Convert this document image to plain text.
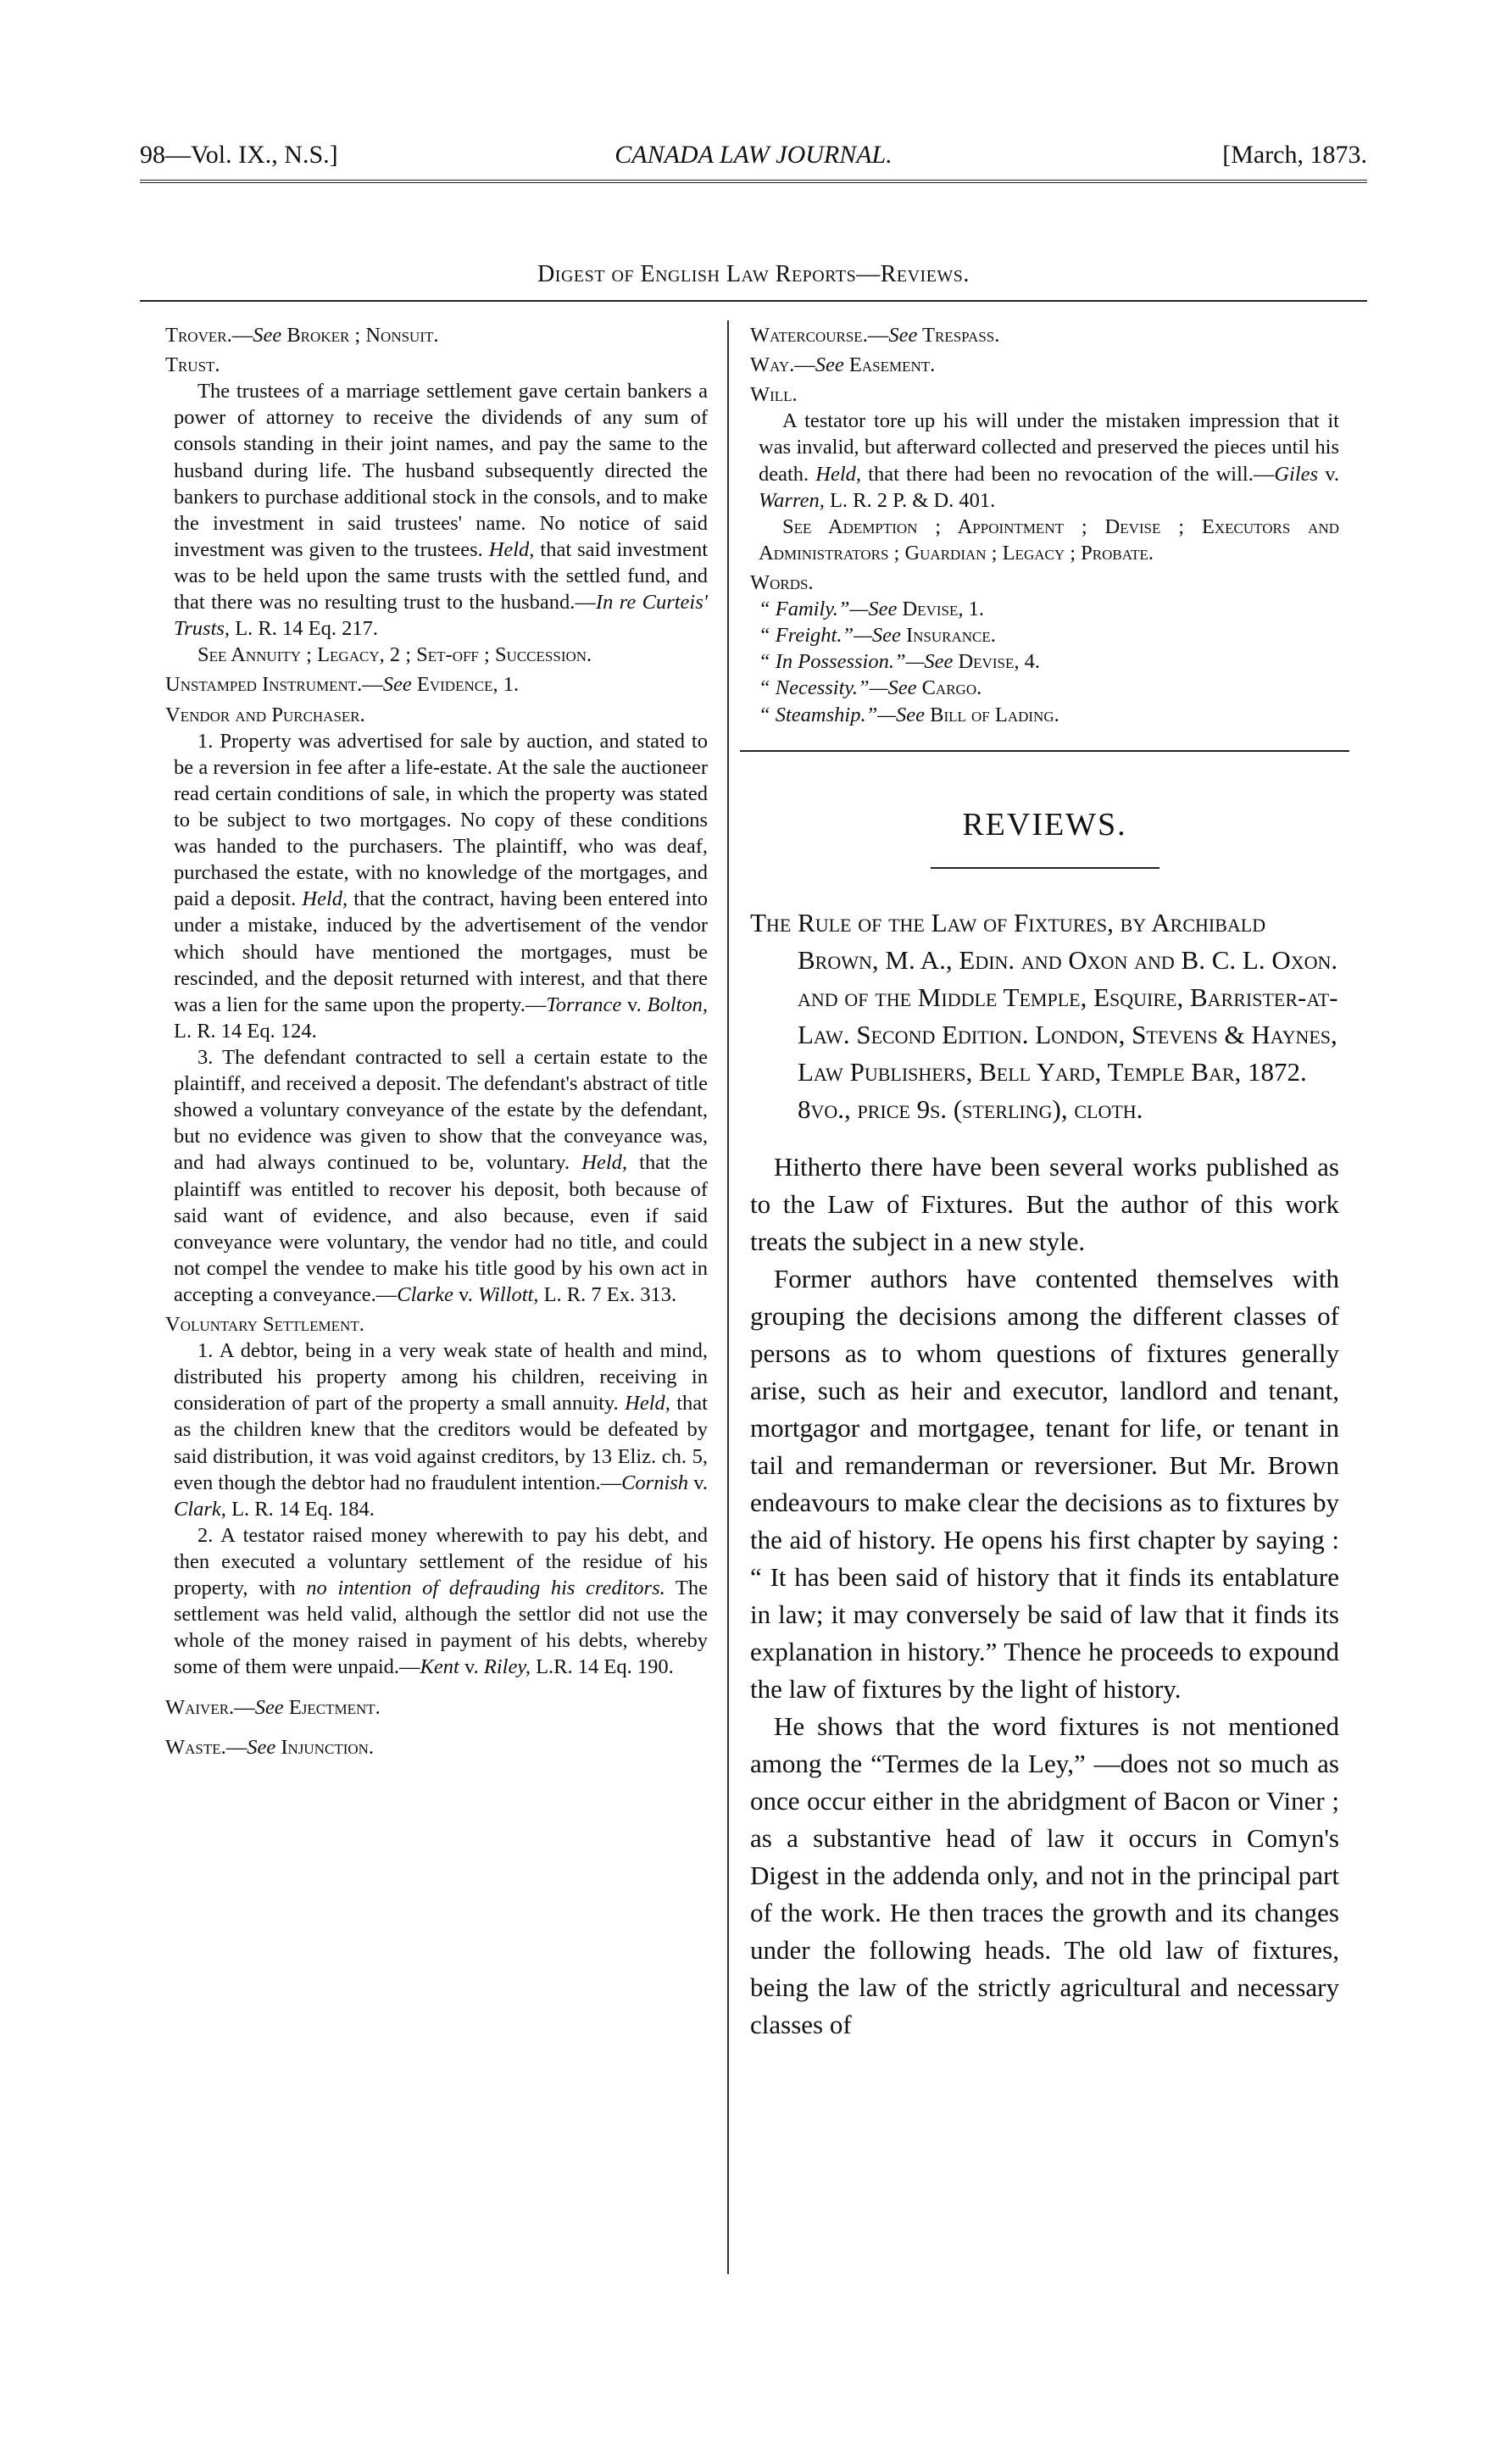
98—Vol. IX., N.S.]	CANADA LAW JOURNAL.	[March, 1873.
Digest of English Law Reports—Reviews.
Trover.—See Broker ; Nonsuit.
Trust.
The trustees of a marriage settlement gave certain bankers a power of attorney to receive the dividends of any sum of consols standing in their joint names, and pay the same to the husband during life. The husband subsequently directed the bankers to purchase additional stock in the consols, and to make the investment in said trustees' name. No notice of said investment was given to the trustees. Held, that said investment was to be held upon the same trusts with the settled fund, and that there was no resulting trust to the husband.—In re Curteis' Trusts, L. R. 14 Eq. 217.
See Annuity ; Legacy, 2 ; Set-off ; Succession.
Unstamped Instrument.—See Evidence, 1.
Vendor and Purchaser.
1. Property was advertised for sale by auction, and stated to be a reversion in fee after a life-estate. At the sale the auctioneer read certain conditions of sale, in which the property was stated to be subject to two mortgages. No copy of these conditions was handed to the purchasers. The plaintiff, who was deaf, purchased the estate, with no knowledge of the mortgages, and paid a deposit. Held, that the contract, having been entered into under a mistake, induced by the advertisement of the vendor which should have mentioned the mortgages, must be rescinded, and the deposit returned with interest, and that there was a lien for the same upon the property.—Torrance v. Bolton, L. R. 14 Eq. 124.
3. The defendant contracted to sell a certain estate to the plaintiff, and received a deposit. The defendant's abstract of title showed a voluntary conveyance of the estate by the defendant, but no evidence was given to show that the conveyance was, and had always continued to be, voluntary. Held, that the plaintiff was entitled to recover his deposit, both because of said want of evidence, and also because, even if said conveyance were voluntary, the vendor had no title, and could not compel the vendee to make his title good by his own act in accepting a conveyance.—Clarke v. Willott, L. R. 7 Ex. 313.
Voluntary Settlement.
1. A debtor, being in a very weak state of health and mind, distributed his property among his children, receiving in consideration of part of the property a small annuity. Held, that as the children knew that the creditors would be defeated by said distribution, it was void against creditors, by 13 Eliz. ch. 5, even though the debtor had no fraudulent intention.—Cornish v. Clark, L. R. 14 Eq. 184.
2. A testator raised money wherewith to pay his debt, and then executed a voluntary settlement of the residue of his property, with no intention of defrauding his creditors. The settlement was held valid, although the settlor did not use the whole of the money raised in payment of his debts, whereby some of them were unpaid.—Kent v. Riley, L.R. 14 Eq. 190.
Waiver.—See Ejectment.
Waste.—See Injunction.
Watercourse.—See Trespass.
Way.—See Easement.
Will.
A testator tore up his will under the mistaken impression that it was invalid, but afterward collected and preserved the pieces until his death. Held, that there had been no revocation of the will.—Giles v. Warren, L. R. 2 P. & D. 401.
See Ademption ; Appointment ; Devise ; Executors and Administrators ; Guardian ; Legacy ; Probate.
Words.
“ Family.”—See Devise, 1.
“ Freight.”—See Insurance.
“ In Possession.”—See Devise, 4.
“ Necessity.”—See Cargo.
“ Steamship.”—See Bill of Lading.
REVIEWS.
The Rule of the Law of Fixtures, by Archibald Brown, M. A., Edin. and Oxon and B. C. L. Oxon. and of the Middle Temple, Esquire, Barrister-at-Law. Second Edition. London, Stevens & Haynes, Law Publishers, Bell Yard, Temple Bar, 1872. 8vo., price 9s. (sterling), cloth.

Hitherto there have been several works published as to the Law of Fixtures. But the author of this work treats the subject in a new style.

Former authors have contented themselves with grouping the decisions among the different classes of persons as to whom questions of fixtures generally arise, such as heir and executor, landlord and tenant, mortgagor and mortgagee, tenant for life, or tenant in tail and remanderman or reversioner. But Mr. Brown endeavours to make clear the decisions as to fixtures by the aid of history. He opens his first chapter by saying : “ It has been said of history that it finds its entablature in law; it may conversely be said of law that it finds its explanation in history.” Thence he proceeds to expound the law of fixtures by the light of history.

He shows that the word fixtures is not mentioned among the “Termes de la Ley,” —does not so much as once occur either in the abridgment of Bacon or Viner ; as a substantive head of law it occurs in Comyn's Digest in the addenda only, and not in the principal part of the work. He then traces the growth and its changes under the following heads. The old law of fixtures, being the law of the strictly agricultural and necessary classes of
